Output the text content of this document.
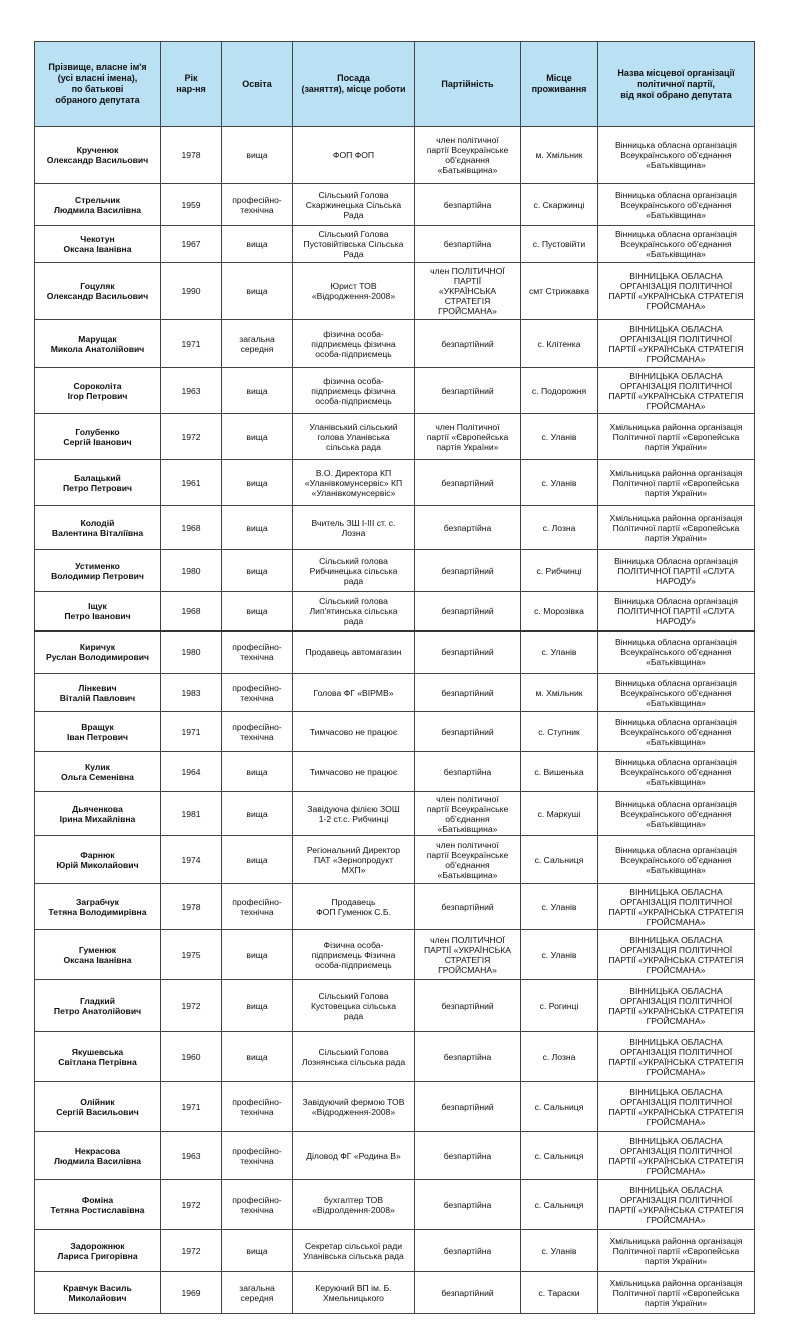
Прізвище, власне ім'я
(усі власні імена),
по батькові
обраного депутата	Рік
нар-ня	Освіта	Посада
(заняття), місце роботи	Партійність	Місце
проживання	Назва місцевої організації
політичної партії,
від якої обрано депутата
Крученюк
Олександр Васильович	1978	вища	ФОП ФОП	член політичної
партії Всеукраїнське
об'єднання
«Батьківщина»	м. Хмільник	Вінницька обласна організація
Всеукраїнського об'єднання
«Батьківщина»
Стрельчик
Людмила Василівна	1959	професійно-
технічна	Сільський Голова
Скаржинецька Сільська
Рада	безпартійна	с. Скаржинці	Вінницька обласна організація
Всеукраїнського об'єднання
«Батьківщина»
Чекотун
Оксана Іванівна	1967	вища	Сільський Голова
Пустовійтівська Сільська
Рада	безпартійна	с. Пустовійти	Вінницька обласна організація
Всеукраїнського об'єднання
«Батьківщина»
Гоцуляк
Олександр Васильович	1990	вища	Юрист ТОВ
«Відродження-2008»	член ПОЛІТИЧНОЇ
ПАРТІЇ
«УКРАЇНСЬКА
СТРАТЕГІЯ
ГРОЙСМАНА»	смт Стрижавка	ВІННИЦЬКА ОБЛАСНА
ОРГАНІЗАЦІЯ ПОЛІТИЧНОЇ
ПАРТІЇ «УКРАЇНСЬКА СТРАТЕГІЯ
ГРОЙСМАНА»
Марущак
Микола Анатолійович	1971	загальна
середня	фізична особа-
підприємець фізична
особа-підприємець	безпартійний	с. Клітенка	ВІННИЦЬКА ОБЛАСНА
ОРГАНІЗАЦІЯ ПОЛІТИЧНОЇ
ПАРТІЇ «УКРАЇНСЬКА СТРАТЕГІЯ
ГРОЙСМАНА»
Сороколіта
Ігор Петрович	1963	вища	фізична особа-
підприємець фізична
особа-підприємець	безпартійний	с. Подорожня	ВІННИЦЬКА ОБЛАСНА
ОРГАНІЗАЦІЯ ПОЛІТИЧНОЇ
ПАРТІЇ «УКРАЇНСЬКА СТРАТЕГІЯ
ГРОЙСМАНА»
Голубенко
Сергій Іванович	1972	вища	Уланівський сільський
голова Уланівська
сільська рада	член Політичної
партії «Європейська
партія України»	с. Уланів	Хмільницька районна організація
Політичної партії «Європейська
партія України»
Балацький
Петро Петрович	1961	вища	В.О. Директора КП
«Уланівкомунсервіс» КП
«Уланівкомунсервіс»	безпартійний	с. Уланів	Хмільницька районна організація
Політичної партії «Європейська
партія України»
Колодій
Валентина Віталіївна	1968	вища	Вчитель ЗШ І-ІІІ ст. с.
Лозна	безпартійна	с. Лозна	Хмільницька районна організація
Політичної партії «Європейська
партія України»
Устименко
Володимир Петрович	1980	вища	Сільський голова
Рибчинецька сільська
рада	безпартійний	с. Рибчинці	Вінницька Обласна організація
ПОЛІТИЧНОЇ ПАРТІЇ «СЛУГА
НАРОДУ»
Іщук
Петро Іванович	1968	вища	Сільський голова
Лип'ятинська сільська
рада	безпартійний	с. Морозівка	Вінницька Обласна організація
ПОЛІТИЧНОЇ ПАРТІЇ «СЛУГА
НАРОДУ»
Киричук
Руслан Володимирович	1980	професійно-
технічна	Продавець автомагазин	безпартійний	с. Уланів	Вінницька обласна організація
Всеукраїнського об'єднання
«Батьківщина»
Лінкевич
Віталій Павлович	1983	професійно-
технічна	Голова ФГ «ВІРМВ»	безпартійний	м. Хмільник	Вінницька обласна організація
Всеукраїнського об'єднання
«Батьківщина»
Вращук
Іван Петрович	1971	професійно-
технічна	Тимчасово не працює	безпартійний	с. Ступник	Вінницька обласна організація
Всеукраїнського об'єднання
«Батьківщина»
Кулик
Ольга Семенівна	1964	вища	Тимчасово не працює	безпартійна	с. Вишенька	Вінницька обласна організація
Всеукраїнського об'єднання
«Батьківщина»
Дьяченкова
Ірина Михайлівна	1981	вища	Завідуюча філією ЗОШ
1-2 ст.с. Рибчинці	член політичної
партії Всеукраїнське
об'єднання
«Батьківщина»	с. Маркуші	Вінницька обласна організація
Всеукраїнського об'єднання
«Батьківщина»
Фарнюк
Юрій Миколайович	1974	вища	Регіональний Директор
ПАТ «Зернопродукт
МХП»	член політичної
партії Всеукраїнське
об'єднання
«Батьківщина»	с. Сальниця	Вінницька обласна організація
Всеукраїнського об'єднання
«Батьківщина»
Заграбчук
Тетяна Володимирівна	1978	професійно-
технічна	Продавець
ФОП Гуменюк С.Б.	безпартійний	с. Уланів	ВІННИЦЬКА ОБЛАСНА
ОРГАНІЗАЦІЯ ПОЛІТИЧНОЇ
ПАРТІЇ «УКРАЇНСЬКА СТРАТЕГІЯ
ГРОЙСМАНА»
Гуменюк
Оксана Іванівна	1975	вища	Фізична особа-
підприємець Фізична
особа-підприємець	член ПОЛІТИЧНОЇ
ПАРТІЇ «УКРАЇНСЬКА
СТРАТЕГІЯ
ГРОЙСМАНА»	с. Уланів	ВІННИЦЬКА ОБЛАСНА
ОРГАНІЗАЦІЯ ПОЛІТИЧНОЇ
ПАРТІЇ «УКРАЇНСЬКА СТРАТЕГІЯ
ГРОЙСМАНА»
Гладкий
Петро Анатолійович	1972	вища	Сільський Голова
Кустовецька сільська
рада	безпартійний	с. Рогинці	ВІННИЦЬКА ОБЛАСНА
ОРГАНІЗАЦІЯ ПОЛІТИЧНОЇ
ПАРТІЇ «УКРАЇНСЬКА СТРАТЕГІЯ
ГРОЙСМАНА»
Якушевська
Світлана Петрівна	1960	вища	Сільський Голова
Лознянська сільська рада	безпартійна	с. Лозна	ВІННИЦЬКА ОБЛАСНА
ОРГАНІЗАЦІЯ ПОЛІТИЧНОЇ
ПАРТІЇ «УКРАЇНСЬКА СТРАТЕГІЯ
ГРОЙСМАНА»
Олійник
Сергій Васильович	1971	професійно-
технічна	Завідуючий фермою ТОВ
«Відродження-2008»	безпартійний	с. Сальниця	ВІННИЦЬКА ОБЛАСНА
ОРГАНІЗАЦІЯ ПОЛІТИЧНОЇ
ПАРТІЇ «УКРАЇНСЬКА СТРАТЕГІЯ
ГРОЙСМАНА»
Некрасова
Людмила Василівна	1963	професійно-
технічна	Діловод ФГ «Родина В»	безпартійна	с. Сальниця	ВІННИЦЬКА ОБЛАСНА
ОРГАНІЗАЦІЯ ПОЛІТИЧНОЇ
ПАРТІЇ «УКРАЇНСЬКА СТРАТЕГІЯ
ГРОЙСМАНА»
Фоміна
Тетяна Ростиславівна	1972	професійно-
технічна	бухгалтер ТОВ
«Відролдення-2008»	безпартійна	с. Сальниця	ВІННИЦЬКА ОБЛАСНА
ОРГАНІЗАЦІЯ ПОЛІТИЧНОЇ
ПАРТІЇ «УКРАЇНСЬКА СТРАТЕГІЯ
ГРОЙСМАНА»
Задорожнюк
Лариса Григорівна	1972	вища	Секретар сільської ради
Уланівська сільська рада	безпартійна	с. Уланів	Хмільницька районна організація
Політичної партії «Європейська
партія України»
Кравчук Василь
Миколайович	1969	загальна
середня	Керуючий ВП ім. Б.
Хмельницького	безпартійний	с. Тараски	Хмільницька районна організація
Політичної партії «Європейська
партія України»
